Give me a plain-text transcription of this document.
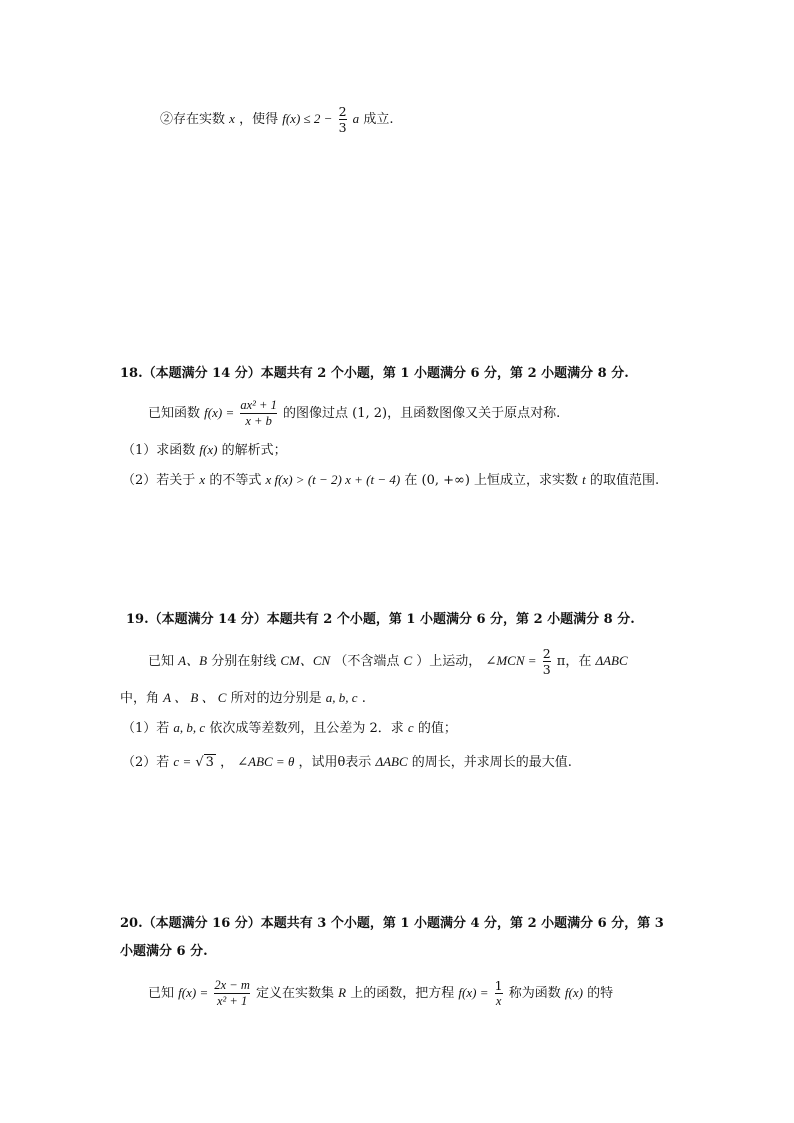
②存在实数 x ，使得 $f(x) \le 2 - \frac{2}{3}$ a 成立.
18.（本题满分 14 分）本题共有 2 个小题，第 1 小题满分 6 分，第 2 小题满分 8 分.
已知函数 $f(x) = \frac{\text{ax² + 1}}{x + b}$ 的图像过点 (1, 2)，且函数图像又关于原点对称.
（1）求函数 f(x) 的解析式；
（2）若关于 x 的不等式 x f(x) > (t − 2) x + (t − 4) 在 (0, +∞) 上恒成立，求实数 t 的取值范围.
19.（本题满分 14 分）本题共有 2 个小题，第 1 小题满分 6 分，第 2 小题满分 8 分.
已知 A、B 分别在射线 CM、CN （不含端点 C ）上运动， ∠MCN = $\frac{2}{3}$ π，在 ΔABC
中，角 A 、 B 、 C 所对的边分别是 a, b, c .
（1）若 a, b, c 依次成等差数列，且公差为 2．求 c 的值；
（2）若 c = √ 3 ， ∠ABC = θ ，试用θ表示 ΔABC 的周长，并求周长的最大值.
20.（本题满分 16 分）本题共有 3 个小题，第 1 小题满分 4 分，第 2 小题满分 6 分，第 3
小题满分 6 分.
已知 $f(x) = \frac{2x - m}{\text{x² + 1}}$ 定义在实数集 R 上的函数，把方程 $f(x) = \frac{1}{x}$ 称为函数 f(x) 的特
